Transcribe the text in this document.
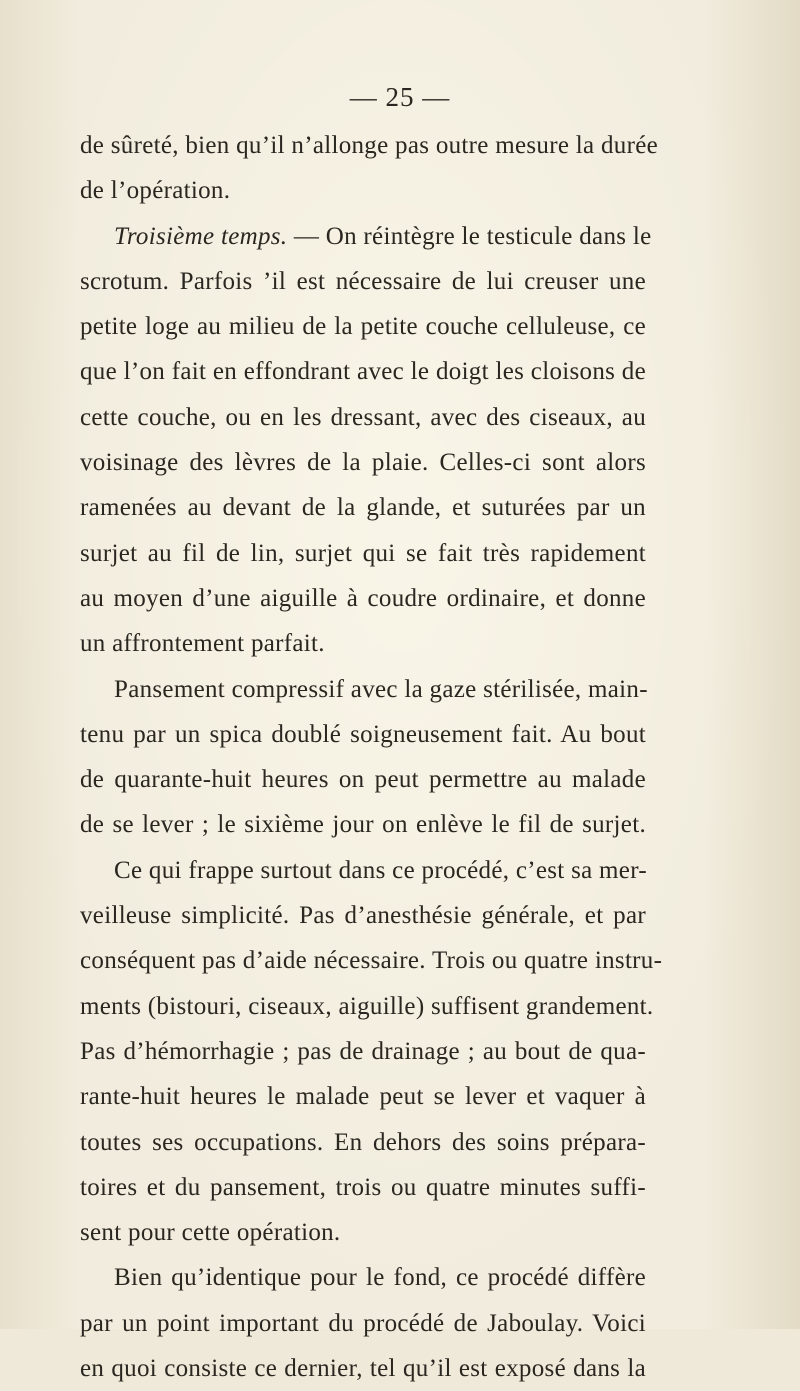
— 25 —
de sûreté, bien qu’il n’allonge pas outre mesure la durée
de l’opération.
Troisième temps. — On réintègre le testicule dans le
scrotum. Parfois ’il est nécessaire de lui creuser une
petite loge au milieu de la petite couche celluleuse, ce
que l’on fait en effondrant avec le doigt les cloisons de
cette couche, ou en les dressant, avec des ciseaux, au
voisinage des lèvres de la plaie. Celles-ci sont alors
ramenées au devant de la glande, et suturées par un
surjet au fil de lin, surjet qui se fait très rapidement
au moyen d’une aiguille à coudre ordinaire, et donne
un affrontement parfait.
Pansement compressif avec la gaze stérilisée, main-
tenu par un spica doublé soigneusement fait. Au bout
de quarante-huit heures on peut permettre au malade
de se lever ; le sixième jour on enlève le fil de surjet.
Ce qui frappe surtout dans ce procédé, c’est sa mer-
veilleuse simplicité. Pas d’anesthésie générale, et par
conséquent pas d’aide nécessaire. Trois ou quatre instru-
ments (bistouri, ciseaux, aiguille) suffisent grandement.
Pas d’hémorrhagie ; pas de drainage ; au bout de qua-
rante-huit heures le malade peut se lever et vaquer à
toutes ses occupations. En dehors des soins prépara-
toires et du pansement, trois ou quatre minutes suffi-
sent pour cette opération.
Bien qu’identique pour le fond, ce procédé diffère
par un point important du procédé de Jaboulay. Voici
en quoi consiste ce dernier, tel qu’il est exposé dans la
